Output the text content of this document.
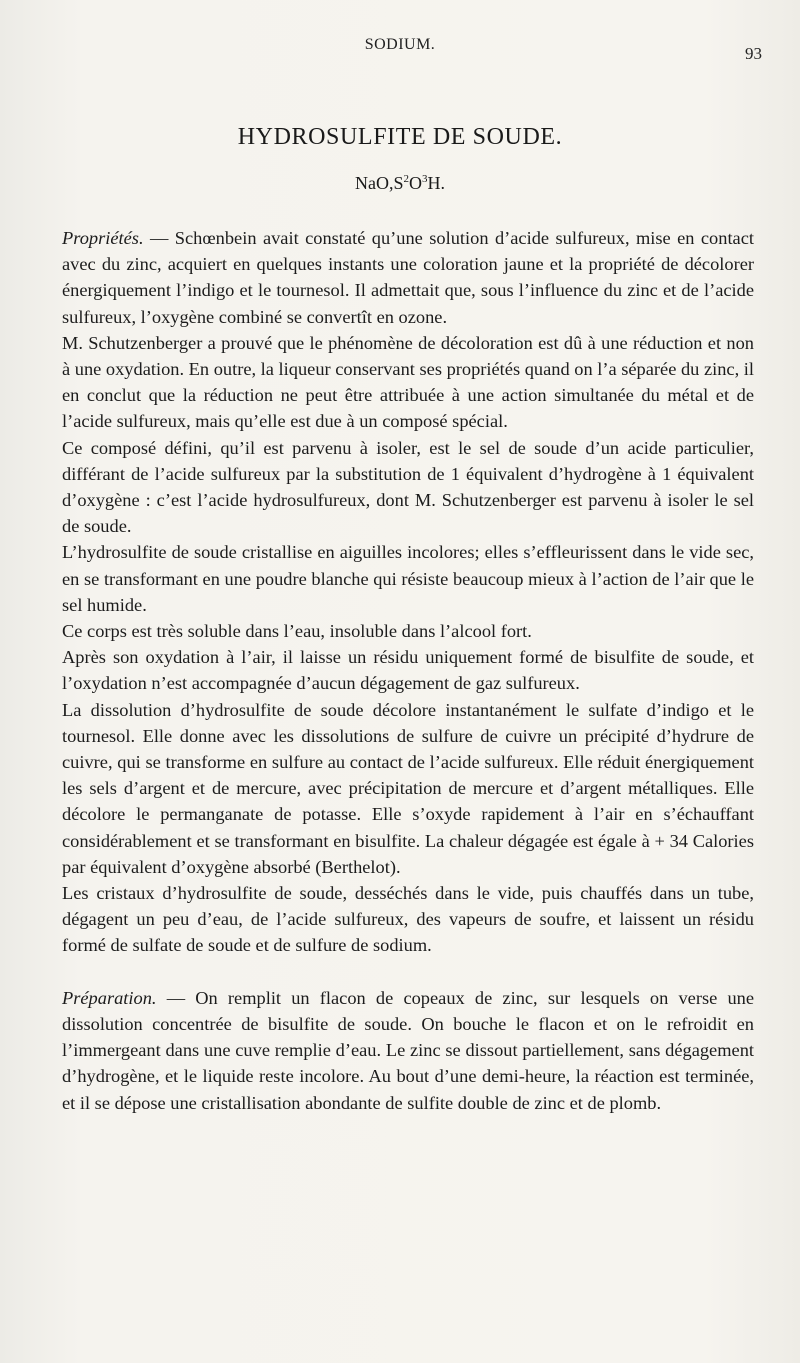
SODIUM.	93
HYDROSULFITE DE SOUDE.
$NaO,S^2O^3H$.

Propriétés. — Schœnbein avait constaté qu’une solution d’acide sulfureux, mise en contact avec du zinc, acquiert en quelques instants une coloration jaune et la propriété de décolorer énergiquement l’indigo et le tournesol. Il admettait que, sous l’influence du zinc et de l’acide sulfureux, l’oxygène combiné se convertît en ozone.

M. Schutzenberger a prouvé que le phénomène de décoloration est dû à une réduction et non à une oxydation. En outre, la liqueur conservant ses propriétés quand on l’a séparée du zinc, il en conclut que la réduction ne peut être attribuée à une action simultanée du métal et de l’acide sulfureux, mais qu’elle est due à un composé spécial.

Ce composé défini, qu’il est parvenu à isoler, est le sel de soude d’un acide particulier, différant de l’acide sulfureux par la substitution de 1 équivalent d’hydrogène à 1 équivalent d’oxygène : c’est l’acide hydrosulfureux, dont M. Schutzenberger est parvenu à isoler le sel de soude.

L’hydrosulfite de soude cristallise en aiguilles incolores; elles s’effleurissent dans le vide sec, en se transformant en une poudre blanche qui résiste beaucoup mieux à l’action de l’air que le sel humide.

Ce corps est très soluble dans l’eau, insoluble dans l’alcool fort.

Après son oxydation à l’air, il laisse un résidu uniquement formé de bisulfite de soude, et l’oxydation n’est accompagnée d’aucun dégagement de gaz sulfureux.

La dissolution d’hydrosulfite de soude décolore instantanément le sulfate d’indigo et le tournesol. Elle donne avec les dissolutions de sulfure de cuivre un précipité d’hydrure de cuivre, qui se transforme en sulfure au contact de l’acide sulfureux. Elle réduit énergiquement les sels d’argent et de mercure, avec précipitation de mercure et d’argent métalliques. Elle décolore le permanganate de potasse. Elle s’oxyde rapidement à l’air en s’échauffant considérablement et se transformant en bisulfite. La chaleur dégagée est égale à + 34 Calories par équivalent d’oxygène absorbé (Berthelot).

Les cristaux d’hydrosulfite de soude, desséchés dans le vide, puis chauffés dans un tube, dégagent un peu d’eau, de l’acide sulfureux, des vapeurs de soufre, et laissent un résidu formé de sulfate de soude et de sulfure de sodium.

Préparation. — On remplit un flacon de copeaux de zinc, sur lesquels on verse une dissolution concentrée de bisulfite de soude. On bouche le flacon et on le refroidit en l’immergeant dans une cuve remplie d’eau. Le zinc se dissout partiellement, sans dégagement d’hydrogène, et le liquide reste incolore. Au bout d’une demi-heure, la réaction est terminée, et il se dépose une cristallisation abondante de sulfite double de zinc et de plomb.
